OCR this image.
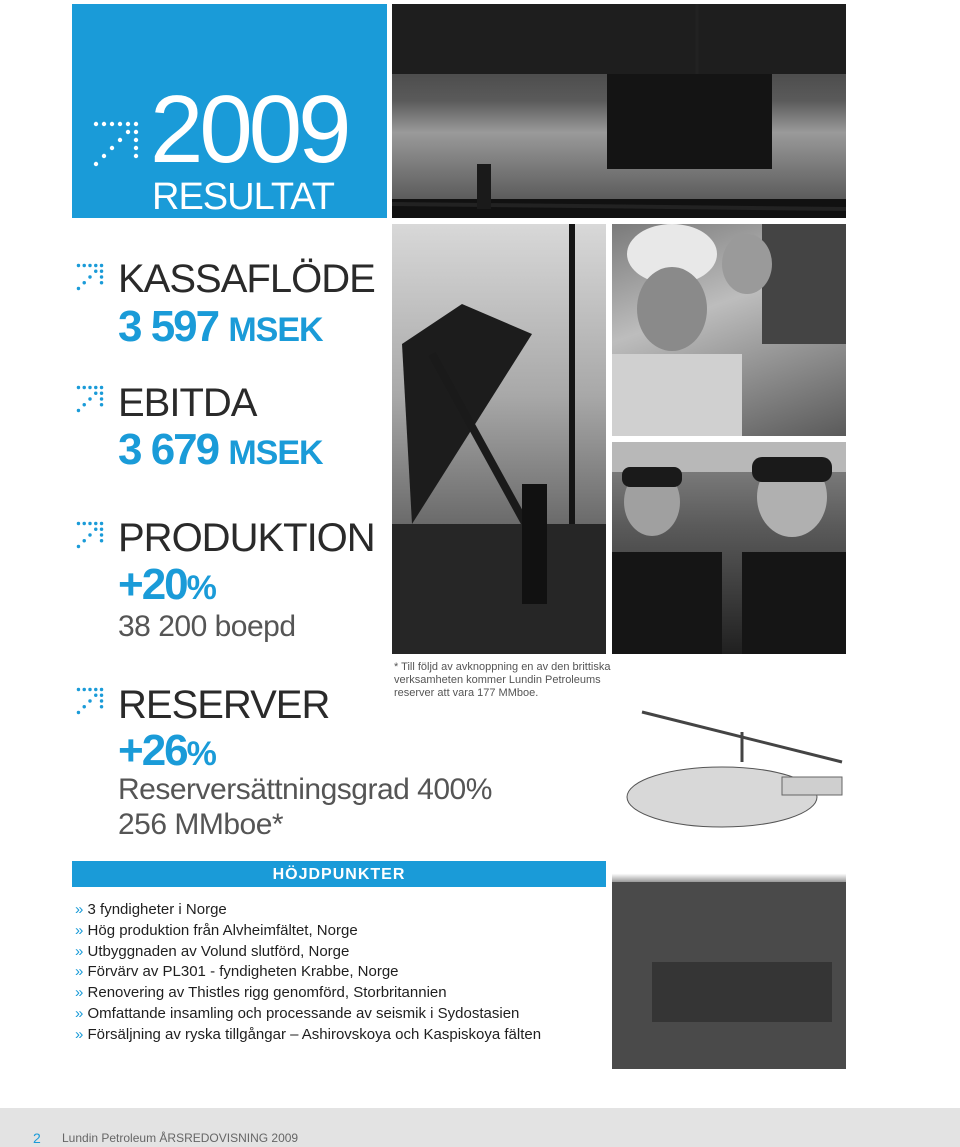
2009
RESULTAT
KASSAFLÖDE
3 597 MSEK
EBITDA
3 679 MSEK
PRODUKTION
+20%
38 200 boepd
RESERVER
+26%
Reserversättningsgrad 400%
256 MMboe*
* Till följd av avknoppning en av den brittiska verksamheten kommer Lundin Petroleums reserver att vara 177 MMboe.
HÖJDPUNKTER
» 3 fyndigheter i Norge
» Hög produktion från Alvheimfältet, Norge
» Utbyggnaden av Volund slutförd, Norge
» Förvärv av PL301 - fyndigheten Krabbe, Norge
» Renovering av Thistles rigg genomförd, Storbritannien
» Omfattande insamling och processande av seismik i Sydostasien
» Försäljning av ryska tillgångar – Ashirovskoya och Kaspiskoya fälten
2 Lundin Petroleum ÅRSREDOVISNING 2009
